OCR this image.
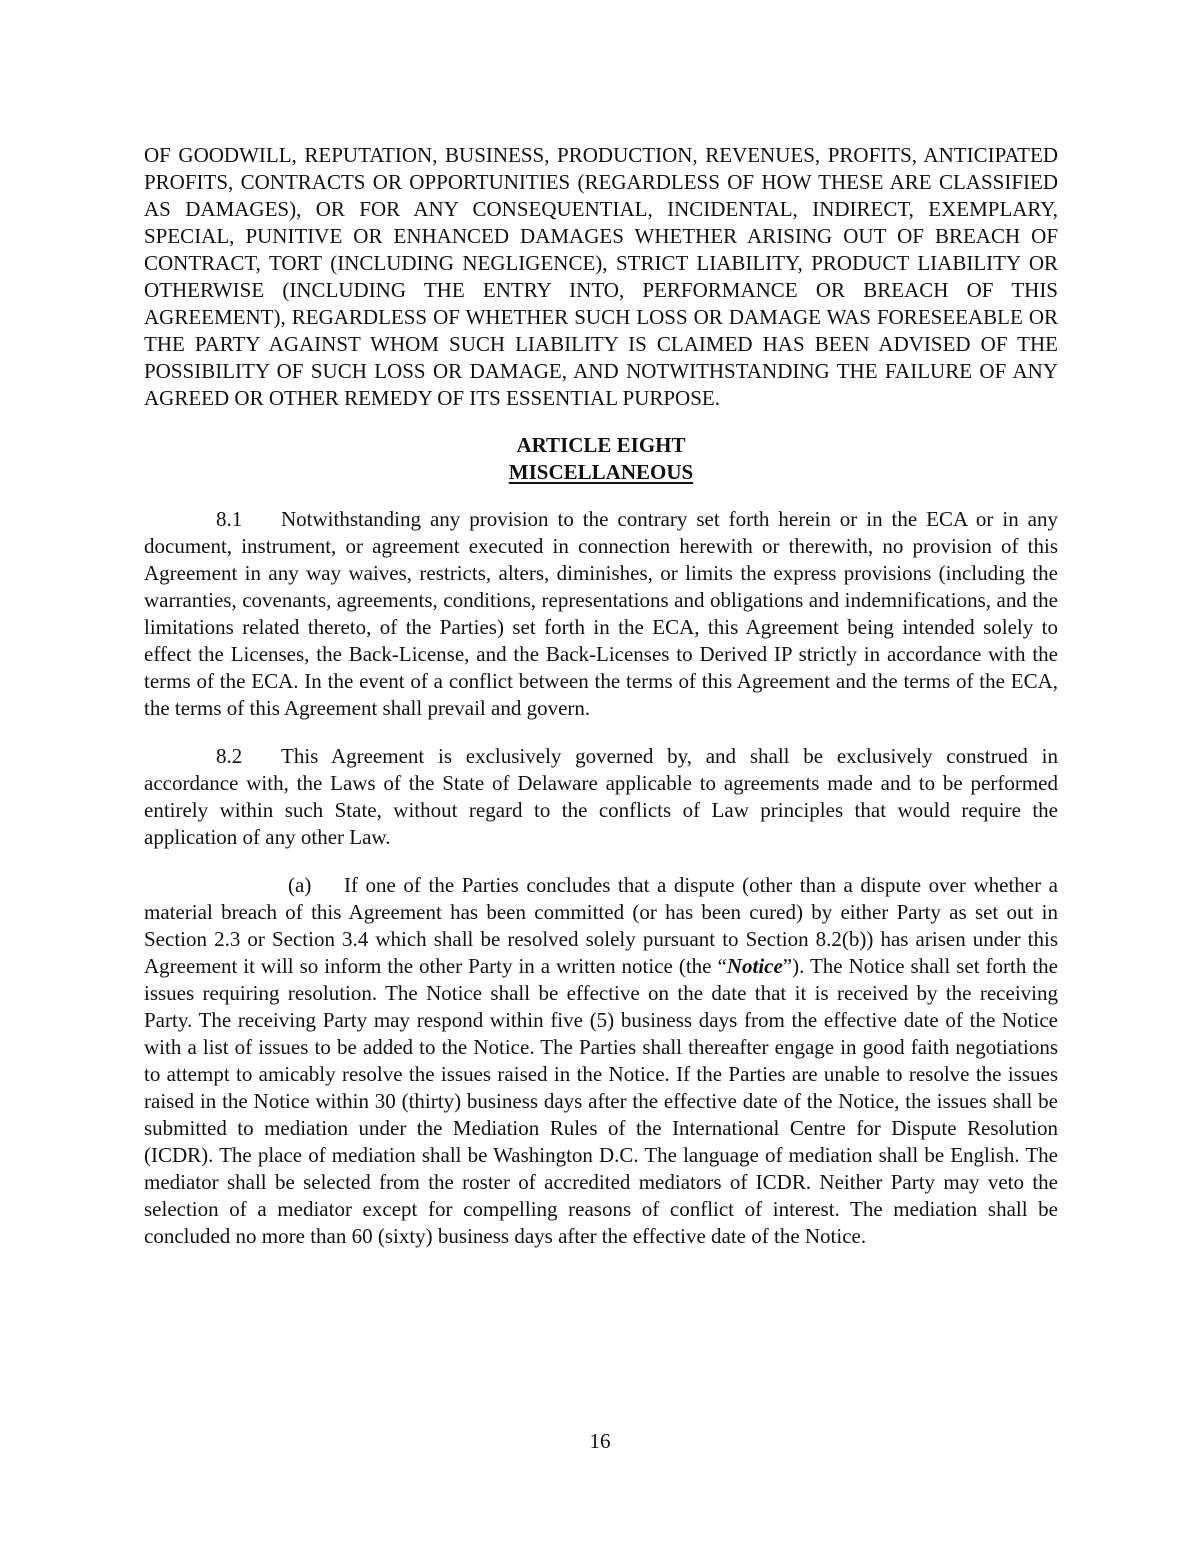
OF GOODWILL, REPUTATION, BUSINESS, PRODUCTION, REVENUES, PROFITS, ANTICIPATED PROFITS, CONTRACTS OR OPPORTUNITIES (REGARDLESS OF HOW THESE ARE CLASSIFIED AS DAMAGES), OR FOR ANY CONSEQUENTIAL, INCIDENTAL, INDIRECT, EXEMPLARY, SPECIAL, PUNITIVE OR ENHANCED DAMAGES WHETHER ARISING OUT OF BREACH OF CONTRACT, TORT (INCLUDING NEGLIGENCE), STRICT LIABILITY, PRODUCT LIABILITY OR OTHERWISE (INCLUDING THE ENTRY INTO, PERFORMANCE OR BREACH OF THIS AGREEMENT), REGARDLESS OF WHETHER SUCH LOSS OR DAMAGE WAS FORESEEABLE OR THE PARTY AGAINST WHOM SUCH LIABILITY IS CLAIMED HAS BEEN ADVISED OF THE POSSIBILITY OF SUCH LOSS OR DAMAGE, AND NOTWITHSTANDING THE FAILURE OF ANY AGREED OR OTHER REMEDY OF ITS ESSENTIAL PURPOSE.

ARTICLE EIGHT
MISCELLANEOUS

8.1 Notwithstanding any provision to the contrary set forth herein or in the ECA or in any document, instrument, or agreement executed in connection herewith or therewith, no provision of this Agreement in any way waives, restricts, alters, diminishes, or limits the express provisions (including the warranties, covenants, agreements, conditions, representations and obligations and indemnifications, and the limitations related thereto, of the Parties) set forth in the ECA, this Agreement being intended solely to effect the Licenses, the Back-License, and the Back-Licenses to Derived IP strictly in accordance with the terms of the ECA. In the event of a conflict between the terms of this Agreement and the terms of the ECA, the terms of this Agreement shall prevail and govern.

8.2 This Agreement is exclusively governed by, and shall be exclusively construed in accordance with, the Laws of the State of Delaware applicable to agreements made and to be performed entirely within such State, without regard to the conflicts of Law principles that would require the application of any other Law.

(a) If one of the Parties concludes that a dispute (other than a dispute over whether a material breach of this Agreement has been committed (or has been cured) by either Party as set out in Section 2.3 or Section 3.4 which shall be resolved solely pursuant to Section 8.2(b)) has arisen under this Agreement it will so inform the other Party in a written notice (the “Notice”). The Notice shall set forth the issues requiring resolution. The Notice shall be effective on the date that it is received by the receiving Party. The receiving Party may respond within five (5) business days from the effective date of the Notice with a list of issues to be added to the Notice. The Parties shall thereafter engage in good faith negotiations to attempt to amicably resolve the issues raised in the Notice. If the Parties are unable to resolve the issues raised in the Notice within 30 (thirty) business days after the effective date of the Notice, the issues shall be submitted to mediation under the Mediation Rules of the International Centre for Dispute Resolution (ICDR). The place of mediation shall be Washington D.C. The language of mediation shall be English. The mediator shall be selected from the roster of accredited mediators of ICDR. Neither Party may veto the selection of a mediator except for compelling reasons of conflict of interest. The mediation shall be concluded no more than 60 (sixty) business days after the effective date of the Notice.

16
